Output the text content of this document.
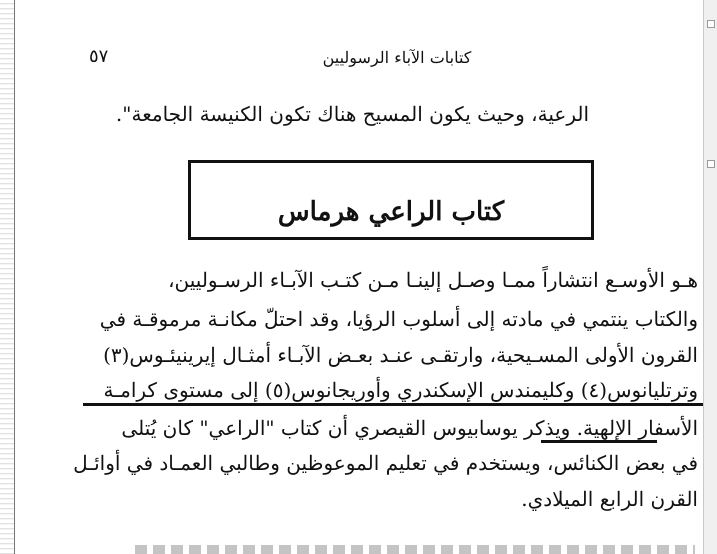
كتابات الآباء الرسوليين
٥٧
الرعية، وحيث يكون المسيح هناك تكون الكنيسة الجامعة".
كتاب الراعي هرماس
هـو الأوسـع انتشاراً ممـا وصـل إلينـا مـن كتـب الآبـاء الرسـوليين،
والكتاب ينتمي في مادته إلى أسلوب الرؤيا، وقد احتلّ مكانـة مرموقـة في
القرون الأولى المسـيحية، وارتقـى عنـد بعـض الآبـاء أمثـال إيرينيئـوس(٣)
وترتليانوس(٤) وكليمندس الإسكندري وأوريجانوس(٥) إلى مستوى كرامـة
الأسفار الإلهية. ويذكر يوسابيوس القيصري أن كتاب "الراعي" كان يُتلى
في بعض الكنائس، ويستخدم في تعليم الموعوظين وطالبي العمـاد في أوائـل
القرن الرابع الميلادي.
